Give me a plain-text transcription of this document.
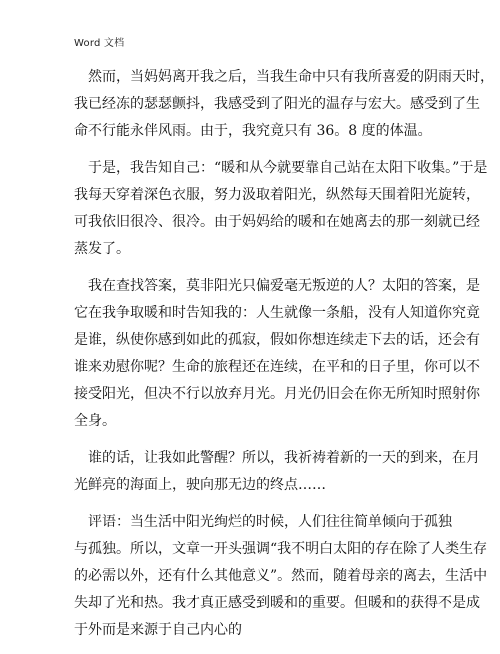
Word 文档
然而，当妈妈离开我之后，当我生命中只有我所喜爱的阴雨天时，
我已经冻的瑟瑟颤抖，我感受到了阳光的温存与宏大。感受到了生
命不行能永伴风雨。由于，我究竟只有 36。8 度的体温。
于是，我告知自己：“暖和从今就要靠自己站在太阳下收集。”于是
我每天穿着深色衣服，努力汲取着阳光，纵然每天围着阳光旋转，
可我依旧很冷、很冷。由于妈妈给的暖和在她离去的那一刻就已经
蒸发了。
我在查找答案，莫非阳光只偏爱毫无叛逆的人？太阳的答案，是
它在我争取暖和时告知我的：人生就像一条船，没有人知道你究竟
是谁，纵使你感到如此的孤寂，假如你想连续走下去的话，还会有
谁来劝慰你呢？生命的旅程还在连续，在平和的日子里，你可以不
接受阳光，但决不行以放弃月光。月光仍旧会在你无所知时照射你
全身。
谁的话，让我如此警醒？所以，我祈祷着新的一天的到来，在月
光鲜亮的海面上，驶向那无边的终点……
评语：当生活中阳光绚烂的时候，人们往往简单倾向于孤独
与孤独。所以，文章一开头强调“我不明白太阳的存在除了人类生存
的必需以外，还有什么其他意义”。然而，随着母亲的离去，生活中
失却了光和热。我才真正感受到暖和的重要。但暖和的获得不是成
于外而是来源于自己内心的
